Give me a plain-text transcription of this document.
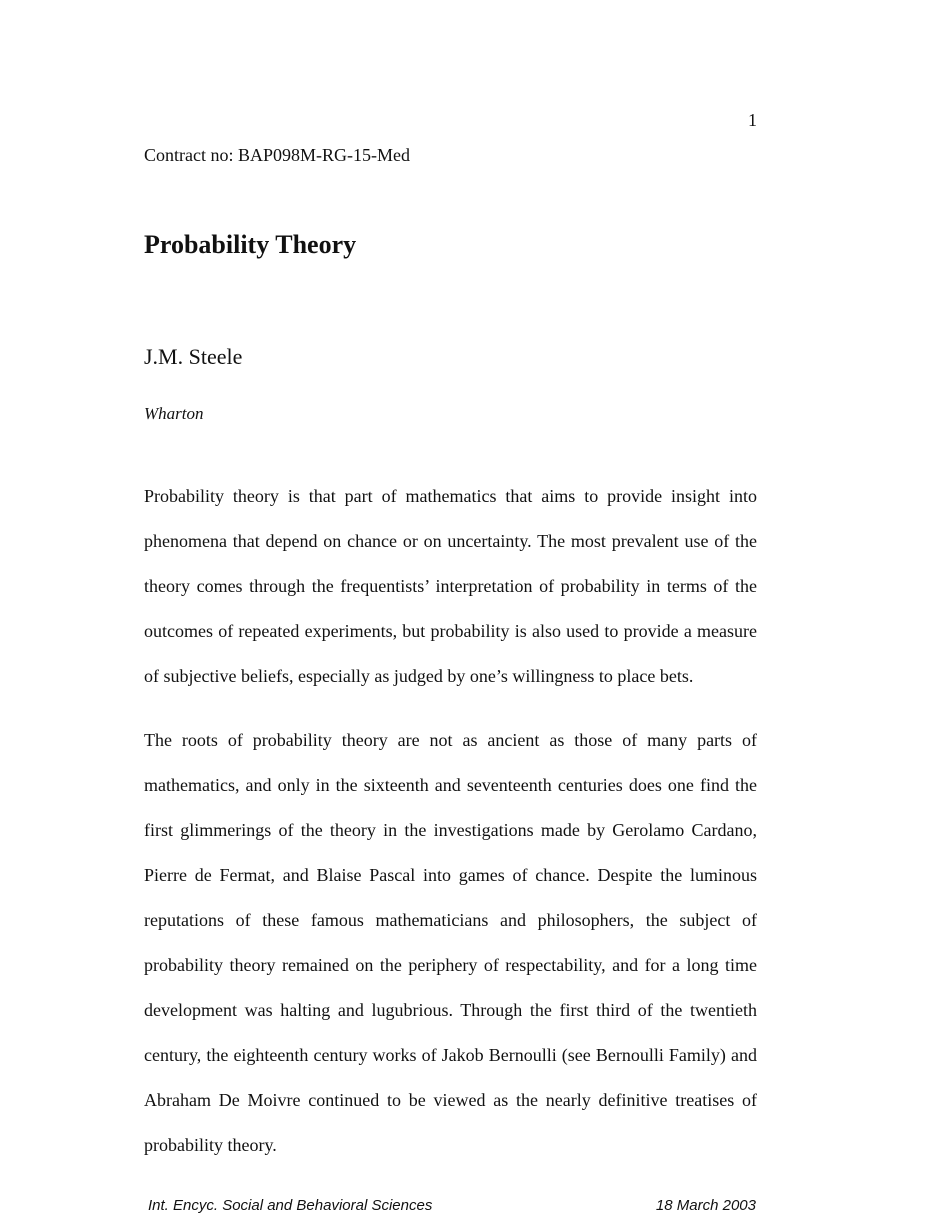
1
Contract no: BAP098M-RG-15-Med
Probability Theory
J.M. Steele
Wharton

Probability theory is that part of mathematics that aims to provide insight into phenomena that depend on chance or on uncertainty. The most prevalent use of the theory comes through the frequentists’ interpretation of probability in terms of the outcomes of repeated experiments, but probability is also used to provide a measure of subjective beliefs, especially as judged by one’s willingness to place bets.

The roots of probability theory are not as ancient as those of many parts of mathematics, and only in the sixteenth and seventeenth centuries does one find the first glimmerings of the theory in the investigations made by Gerolamo Cardano, Pierre de Fermat, and Blaise Pascal into games of chance. Despite the luminous reputations of these famous mathematicians and philosophers, the subject of probability theory remained on the periphery of respectability, and for a long time development was halting and lugubrious. Through the first third of the twentieth century, the eighteenth century works of Jakob Bernoulli (see Bernoulli Family) and Abraham De Moivre continued to be viewed as the nearly definitive treatises of probability theory.

Int. Encyc. Social and Behavioral Sciences	18 March 2003
